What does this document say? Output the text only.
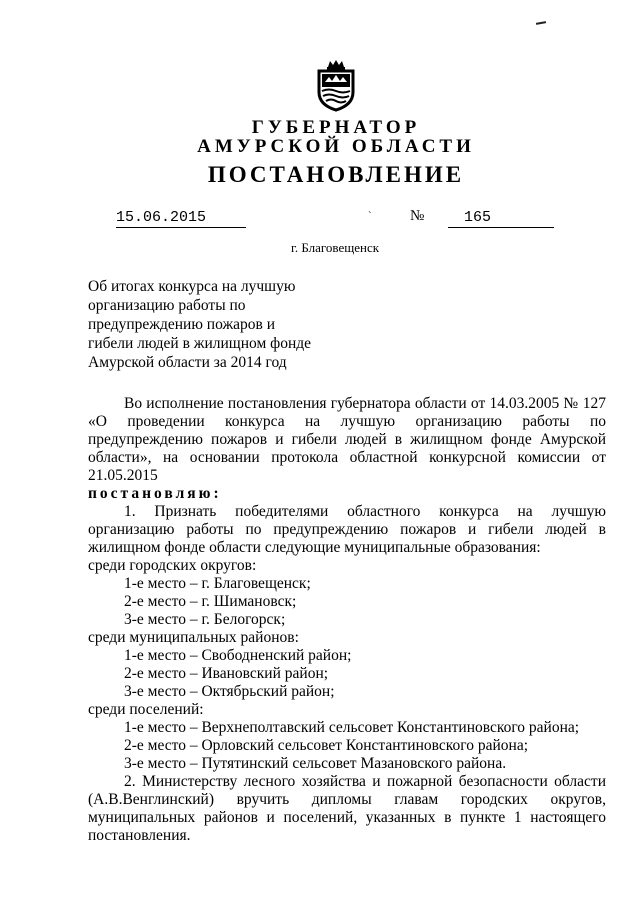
ГУБЕРНАТОР
АМУРСКОЙ ОБЛАСТИ
ПОСТАНОВЛЕНИЕ
15.06.2015	`	№	165
г. Благовещенск
Об итогах конкурса на лучшую
организацию работы по
предупреждению пожаров и
гибели людей в жилищном фонде
Амурской области за 2014 год

Во исполнение постановления губернатора области от 14.03.2005 № 127 «О проведении конкурса на лучшую организацию работы по предупреждению пожаров и гибели людей в жилищном фонде Амурской области», на основании протокола областной конкурсной комиссии от 21.05.2015

постановляю:

1. Признать победителями областного конкурса на лучшую организацию работы по предупреждению пожаров и гибели людей в жилищном фонде области следующие муниципальные образования:

среди городских округов:

1-е место – г. Благовещенск;

2-е место – г. Шимановск;

3-е место – г. Белогорск;

среди муниципальных районов:

1-е место – Свободненский район;

2-е место – Ивановский район;

3-е место – Октябрьский район;

среди поселений:

1-е место – Верхнеполтавский сельсовет Константиновского района;

2-е место – Орловский сельсовет Константиновского района;

3-е место – Путятинский сельсовет Мазановского района.

2. Министерству лесного хозяйства и пожарной безопасности области (А.В.Венглинский) вручить дипломы главам городских округов, муниципальных районов и поселений, указанных в пункте 1 настоящего постановления.
